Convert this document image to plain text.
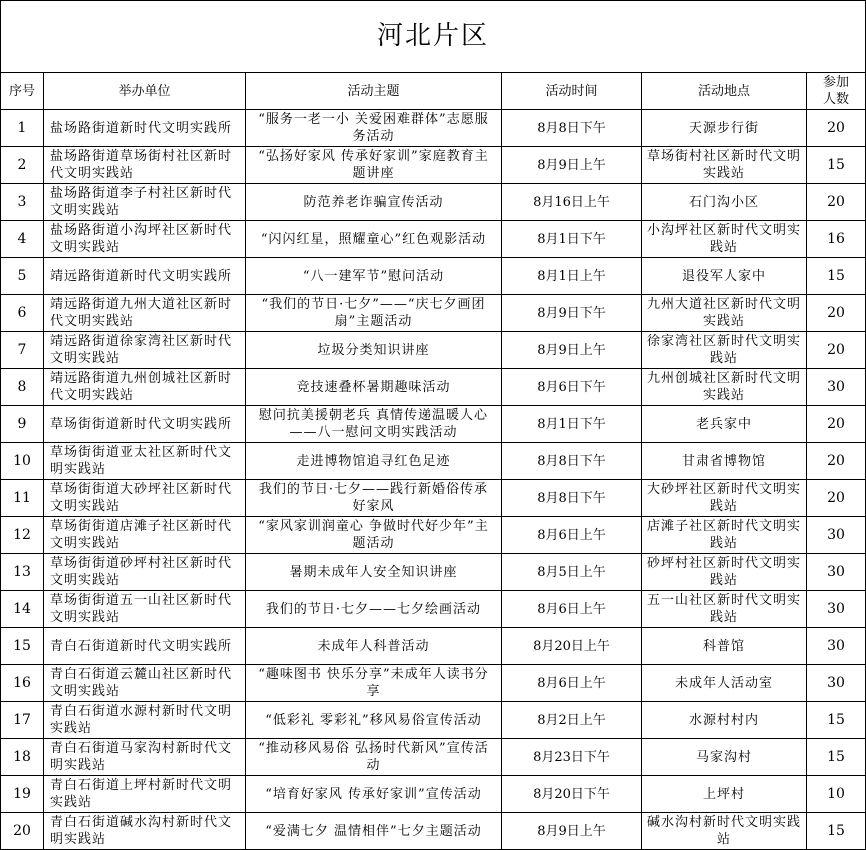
河北片区					
序号	举办单位	活动主题	活动时间	活动地点	参加人数
1	盐场路街道新时代文明实践所	“服务一老一小 关爱困难群体”志愿服务活动	8月8日下午	天源步行街	20
2	盐场路街道草场街村社区新时代文明实践站	“弘扬好家风 传承好家训”家庭教育主题讲座	8月9日上午	草场街村社区新时代文明实践站	15
3	盐场路街道李子村社区新时代文明实践站	防范养老诈骗宣传活动	8月16日上午	石门沟小区	20
4	盐场路街道小沟坪社区新时代文明实践站	“闪闪红星，照耀童心”红色观影活动	8月1日下午	小沟坪社区新时代文明实践站	16
5	靖远路街道新时代文明实践所	“八一建军节”慰问活动	8月1日上午	退役军人家中	15
6	靖远路街道九州大道社区新时代文明实践站	“我们的节日·七夕”——“庆七夕画团扇”主题活动	8月9日下午	九州大道社区新时代文明实践站	20
7	靖远路街道徐家湾社区新时代文明实践站	垃圾分类知识讲座	8月9日上午	徐家湾社区新时代文明实践站	20
8	靖远路街道九州创城社区新时代文明实践站	竞技速叠杯暑期趣味活动	8月6日下午	九州创城社区新时代文明实践站	30
9	草场街街道新时代文明实践所	慰问抗美援朝老兵 真情传递温暖人心——八一慰问文明实践活动	8月1日下午	老兵家中	20
10	草场街街道亚太社区新时代文明实践站	走进博物馆追寻红色足迹	8月8日下午	甘肃省博物馆	20
11	草场街街道大砂坪社区新时代文明实践站	我们的节日·七夕——践行新婚俗传承好家风	8月8日下午	大砂坪社区新时代文明实践站	20
12	草场街街道店滩子社区新时代文明实践站	“家风家训润童心 争做时代好少年”主题活动	8月6日上午	店滩子社区新时代文明实践站	30
13	草场街街道砂坪村社区新时代文明实践站	暑期未成年人安全知识讲座	8月5日上午	砂坪村社区新时代文明实践站	30
14	草场街街道五一山社区新时代文明实践站	我们的节日·七夕——七夕绘画活动	8月6日上午	五一山社区新时代文明实践站	30
15	青白石街道新时代文明实践所	未成年人科普活动	8月20日上午	科普馆	30
16	青白石街道云麓山社区新时代文明实践站	“趣味图书 快乐分享”未成年人读书分享	8月6日上午	未成年人活动室	30
17	青白石街道水源村新时代文明实践站	“低彩礼 零彩礼”移风易俗宣传活动	8月2日上午	水源村村内	15
18	青白石街道马家沟村新时代文明实践站	“推动移风易俗 弘扬时代新风”宣传活动	8月23日下午	马家沟村	15
19	青白石街道上坪村新时代文明实践站	“培育好家风 传承好家训”宣传活动	8月20日下午	上坪村	10
20	青白石街道碱水沟村新时代文明实践站	“爱满七夕 温情相伴”七夕主题活动	8月9日上午	碱水沟村新时代文明实践站	15
